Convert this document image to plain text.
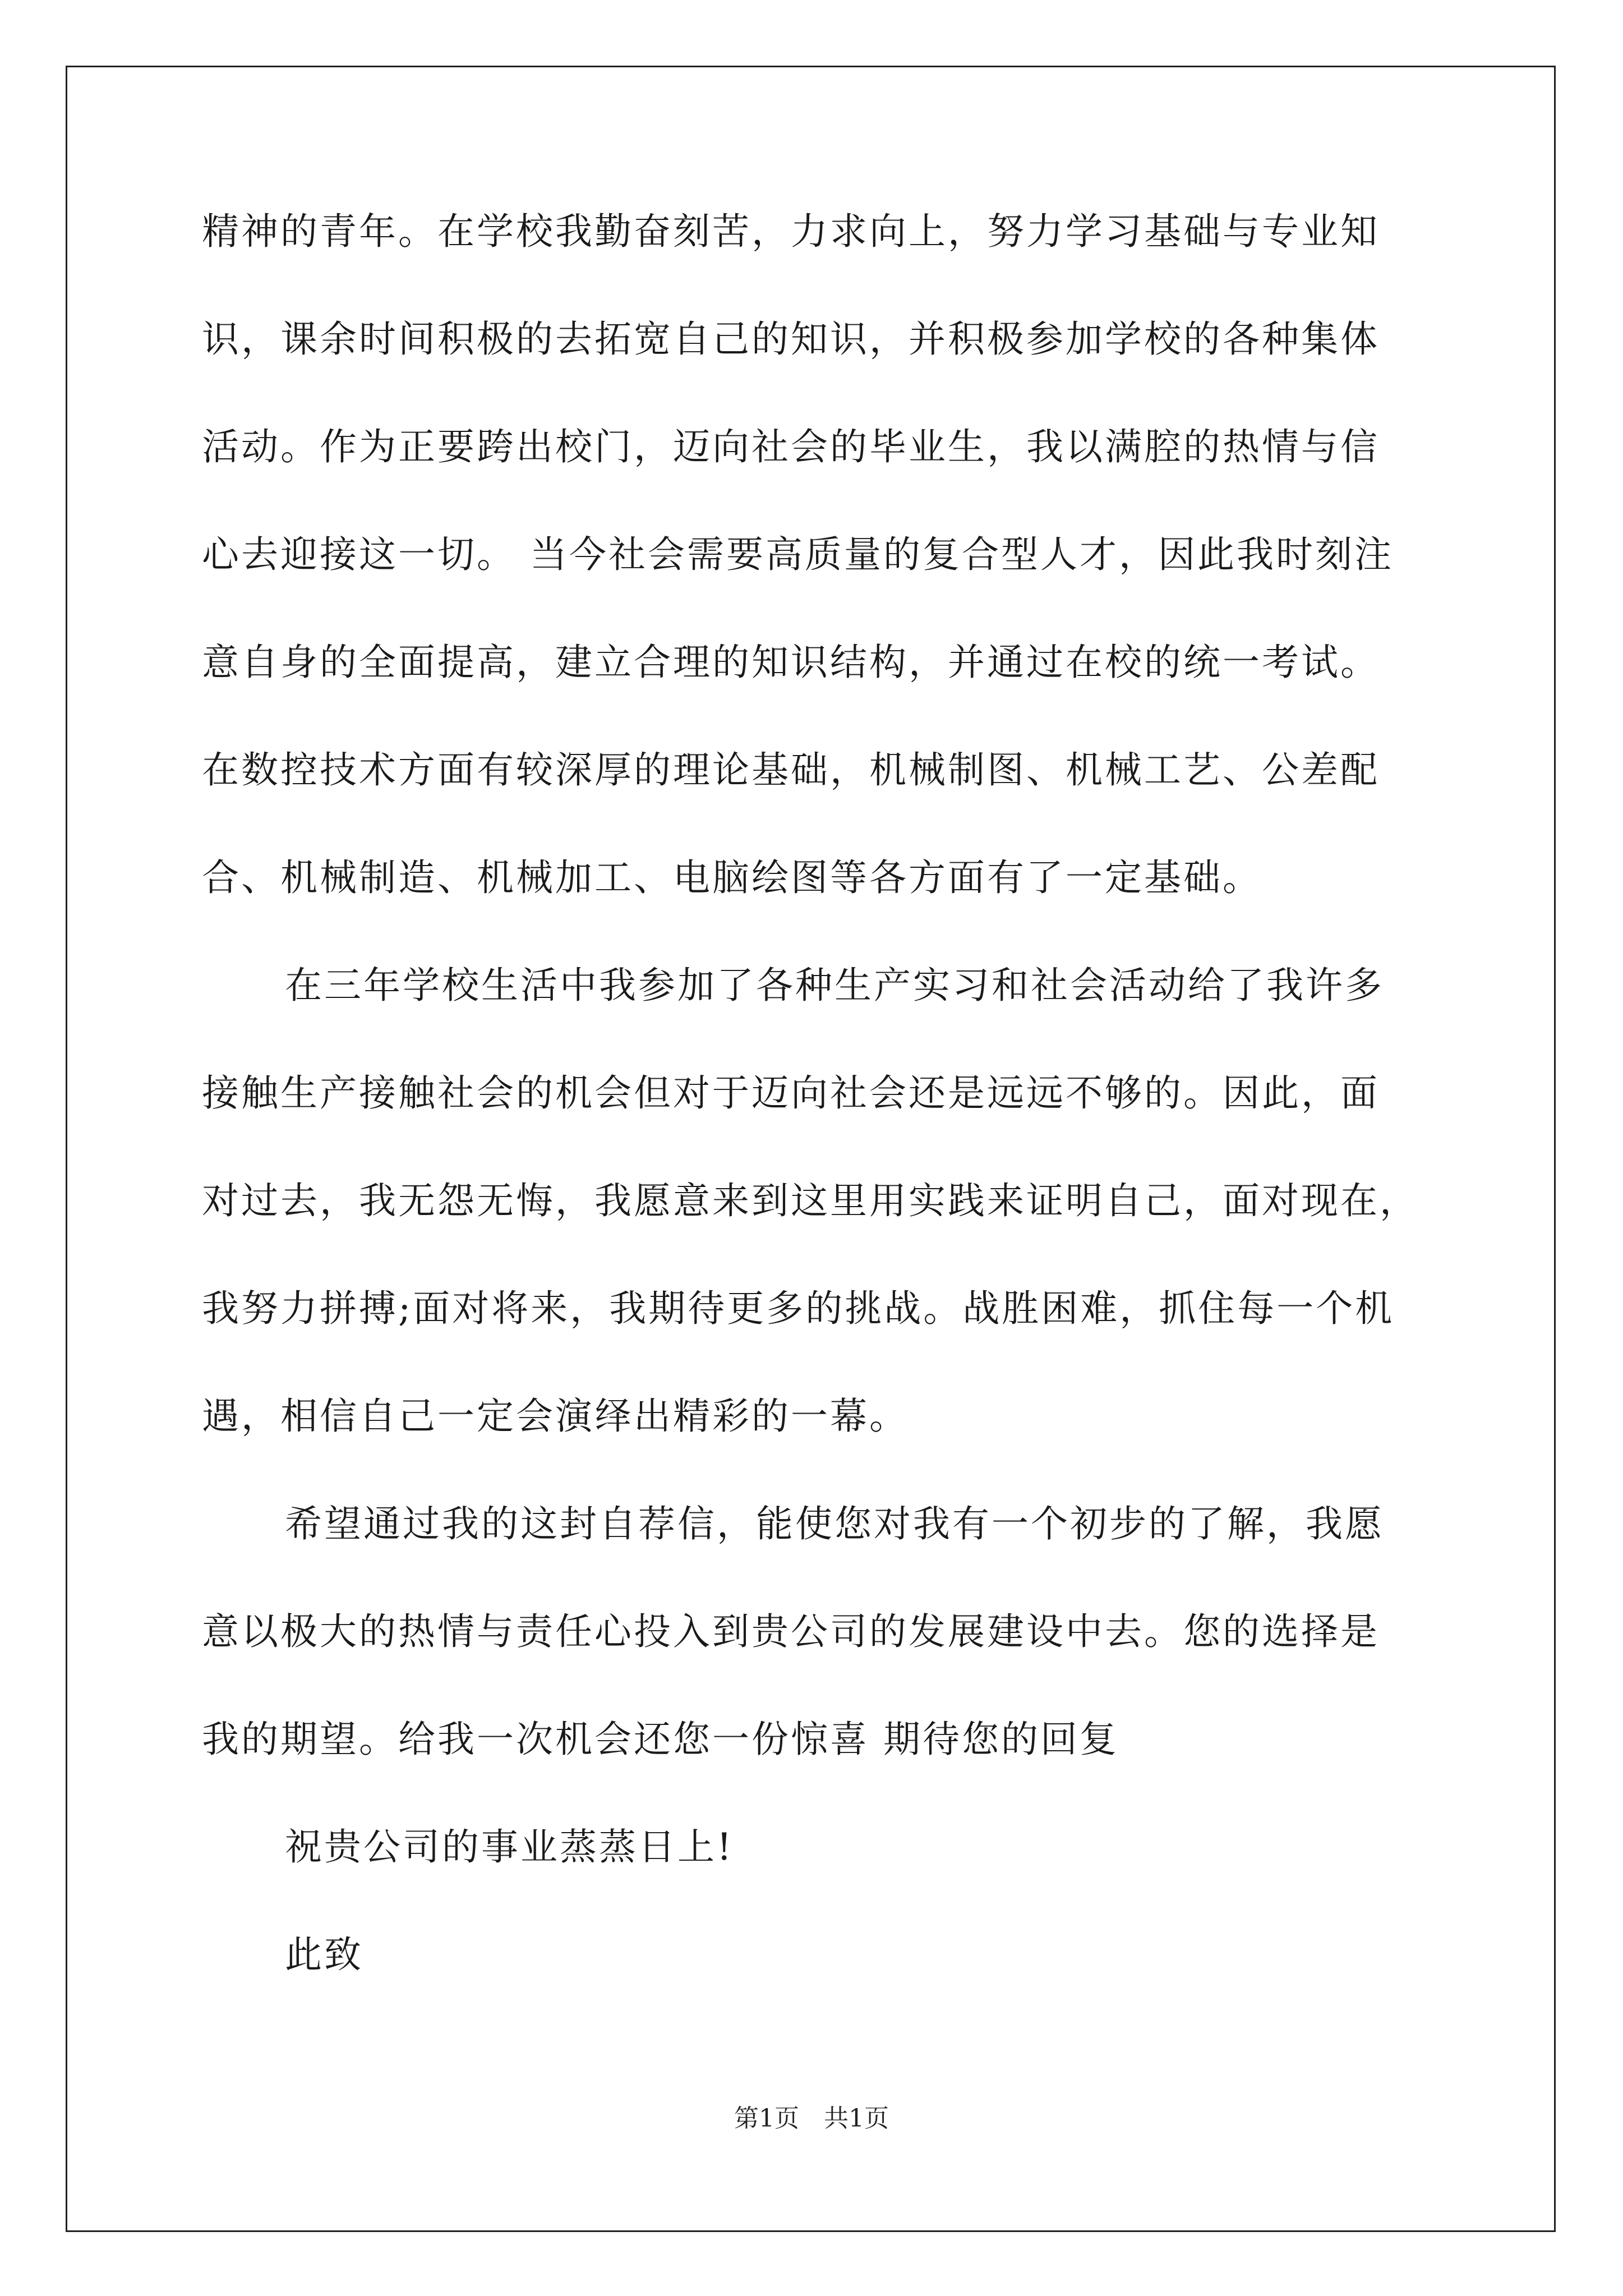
精神的青年。在学校我勤奋刻苦，力求向上，努力学习基础与专业知
识，课余时间积极的去拓宽自己的知识，并积极参加学校的各种集体
活动。作为正要跨出校门，迈向社会的毕业生，我以满腔的热情与信
心去迎接这一切。 当今社会需要高质量的复合型人才，因此我时刻注
意自身的全面提高，建立合理的知识结构，并通过在校的统一考试。
在数控技术方面有较深厚的理论基础，机械制图、机械工艺、公差配
合、机械制造、机械加工、电脑绘图等各方面有了一定基础。
在三年学校生活中我参加了各种生产实习和社会活动给了我许多
接触生产接触社会的机会但对于迈向社会还是远远不够的。因此，面
对过去，我无怨无悔，我愿意来到这里用实践来证明自己，面对现在，
我努力拼搏;面对将来，我期待更多的挑战。战胜困难，抓住每一个机
遇，相信自己一定会演绎出精彩的一幕。
希望通过我的这封自荐信，能使您对我有一个初步的了解，我愿
意以极大的热情与责任心投入到贵公司的发展建设中去。您的选择是
我的期望。给我一次机会还您一份惊喜 期待您的回复
祝贵公司的事业蒸蒸日上!
此致
第1页　共1页
